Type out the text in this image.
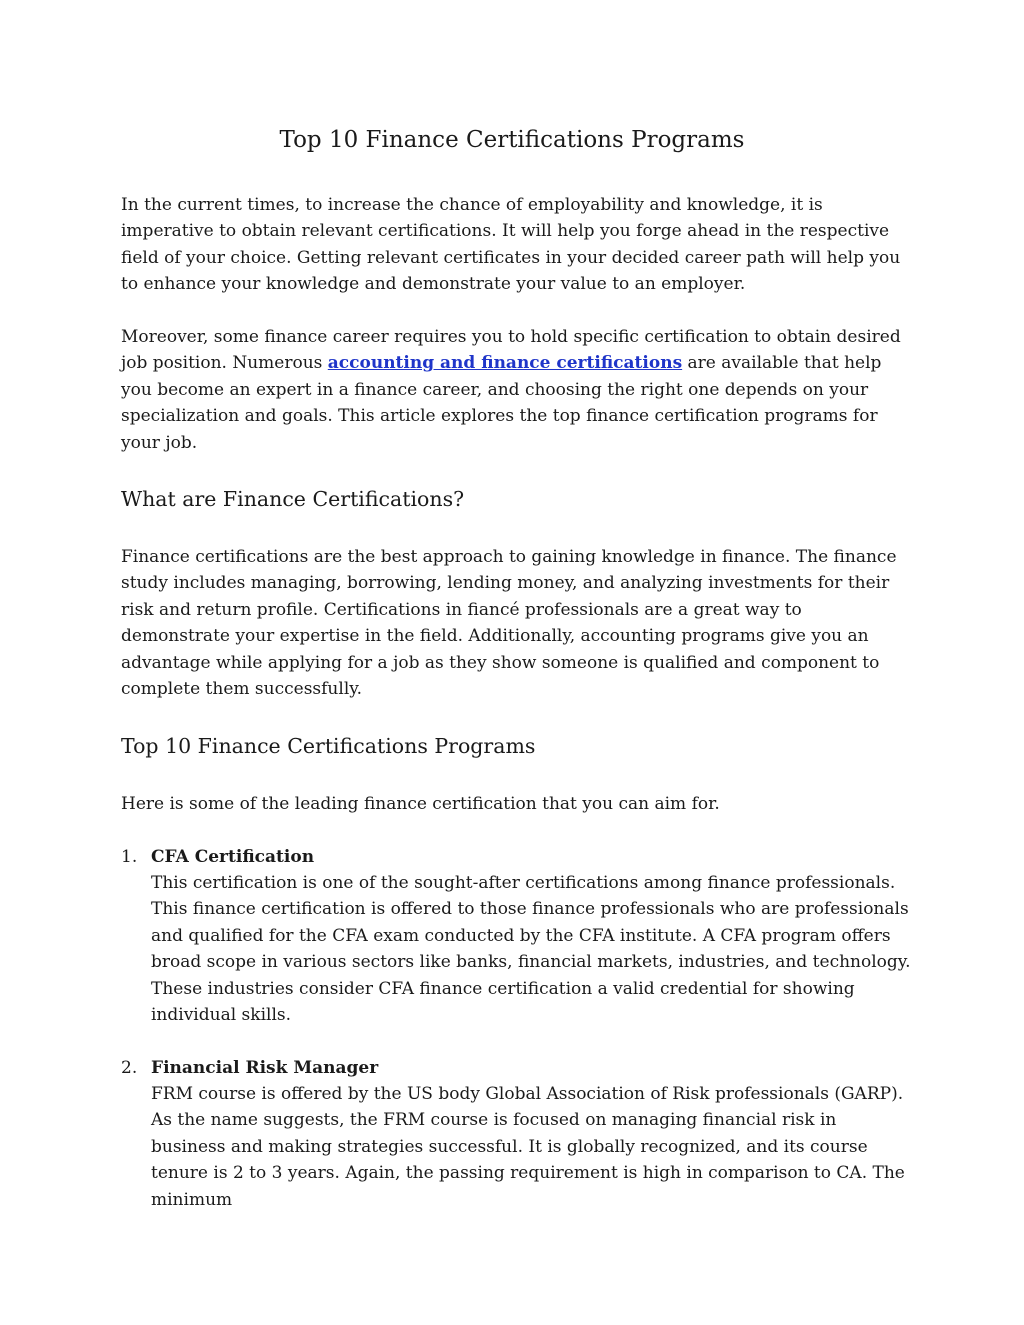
Top 10 Finance Certifications Programs

In the current times, to increase the chance of employability and knowledge, it is imperative to obtain relevant certifications. It will help you forge ahead in the respective field of your choice. Getting relevant certificates in your decided career path will help you to enhance your knowledge and demonstrate your value to an employer.

Moreover, some finance career requires you to hold specific certification to obtain desired job position. Numerous accounting and finance certifications are available that help you become an expert in a finance career, and choosing the right one depends on your specialization and goals. This article explores the top finance certification programs for your job.

What are Finance Certifications?

Finance certifications are the best approach to gaining knowledge in finance. The finance study includes managing, borrowing, lending money, and analyzing investments for their risk and return profile. Certifications in fiancé professionals are a great way to demonstrate your expertise in the field. Additionally, accounting programs give you an advantage while applying for a job as they show someone is qualified and component to complete them successfully.

Top 10 Finance Certifications Programs

Here is some of the leading finance certification that you can aim for.

1. CFA Certification

This certification is one of the sought-after certifications among finance professionals. This finance certification is offered to those finance professionals who are professionals and qualified for the CFA exam conducted by the CFA institute. A CFA program offers broad scope in various sectors like banks, financial markets, industries, and technology. These industries consider CFA finance certification a valid credential for showing individual skills.

2. Financial Risk Manager

FRM course is offered by the US body Global Association of Risk professionals (GARP). As the name suggests, the FRM course is focused on managing financial risk in business and making strategies successful. It is globally recognized, and its course tenure is 2 to 3 years. Again, the passing requirement is high in comparison to CA. The minimum
